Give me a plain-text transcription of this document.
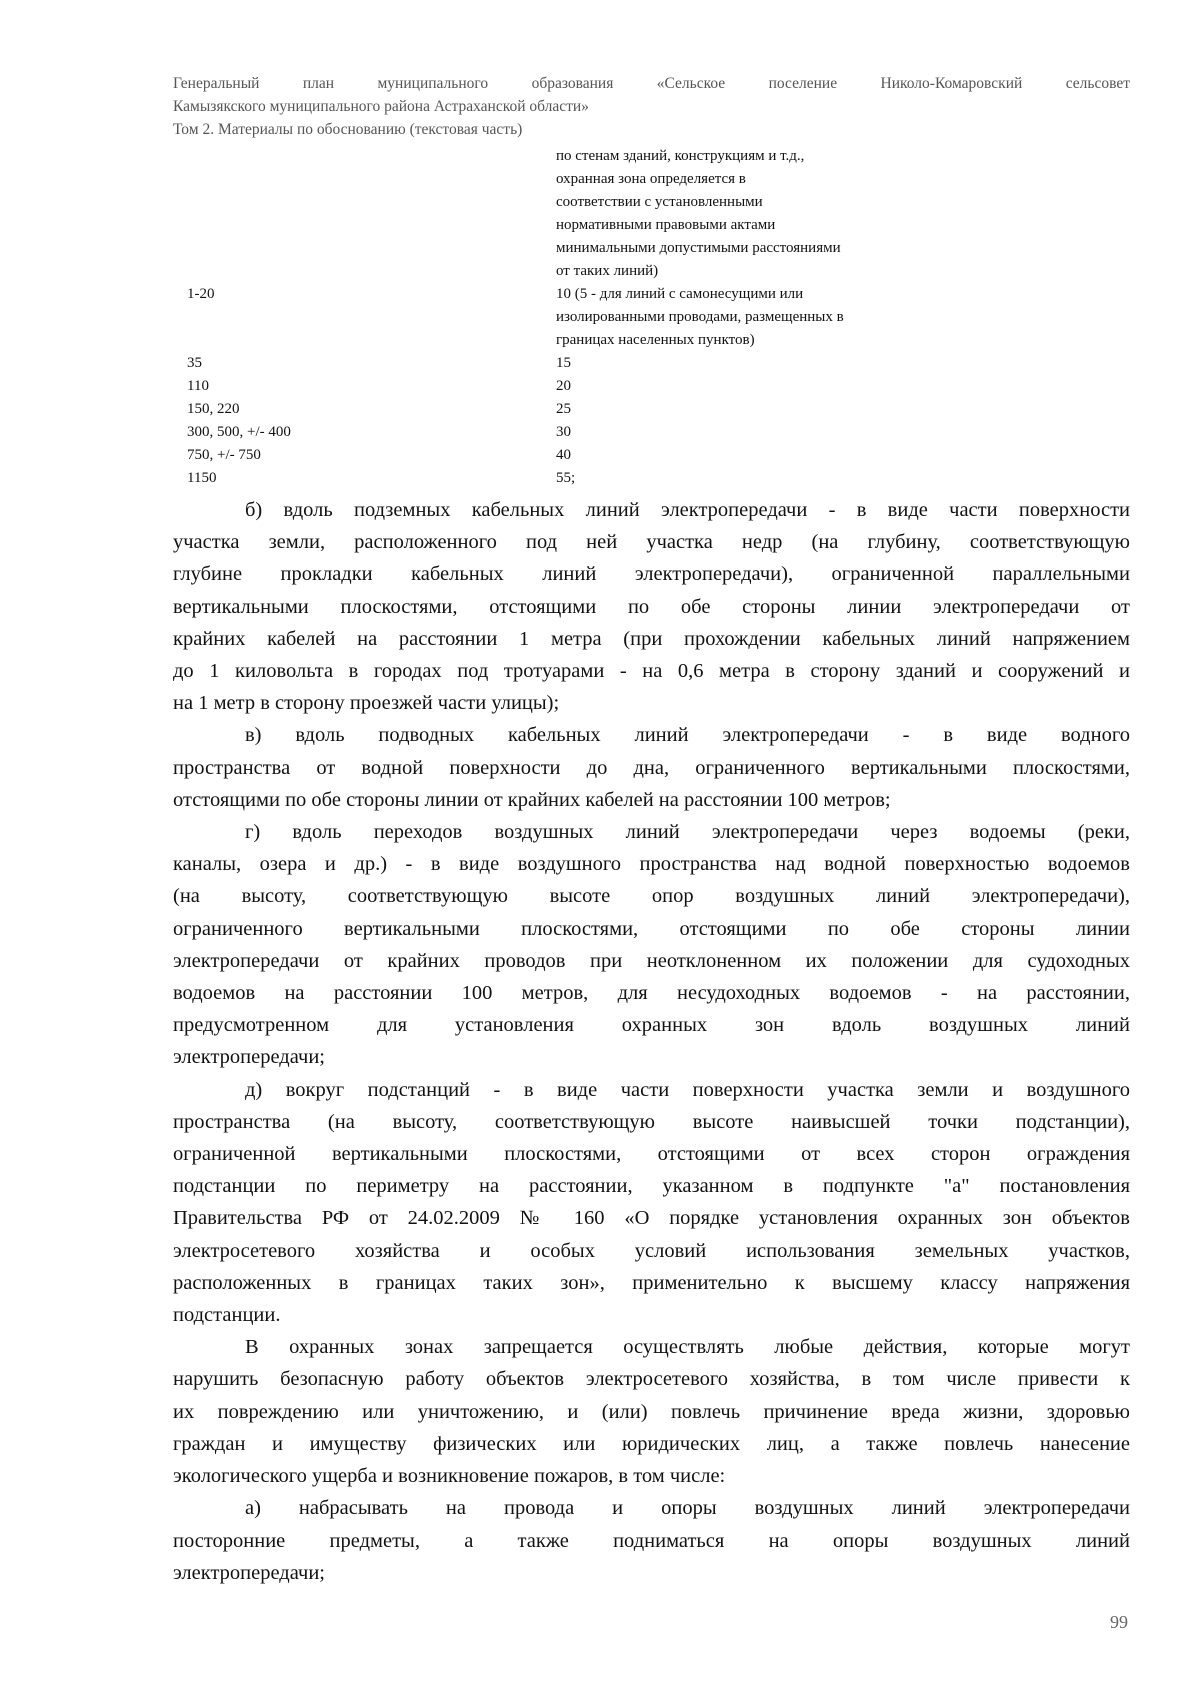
Генеральный план муниципального образования «Сельское поселение Николо-Комаровский сельсовет
Камызякского муниципального района Астраханской области»
Том 2. Материалы по обоснованию (текстовая часть)
по стенам зданий, конструкциям и т.д.,
охранная зона определяется в
соответствии с установленными
нормативными правовыми актами
минимальными допустимыми расстояниями
от таких линий)
1-20	10 (5 - для линий с самонесущими или
изолированными проводами, размещенных в
границах населенных пунктов)
35	15
110	20
150, 220	25
300, 500, +/- 400	30
750, +/- 750	40
1150	55;
б) вдоль подземных кабельных линий электропередачи - в виде части поверхности
участка земли, расположенного под ней участка недр (на глубину, соответствующую
глубине прокладки кабельных линий электропередачи), ограниченной параллельными
вертикальными плоскостями, отстоящими по обе стороны линии электропередачи от
крайних кабелей на расстоянии 1 метра (при прохождении кабельных линий напряжением
до 1 киловольта в городах под тротуарами - на 0,6 метра в сторону зданий и сооружений и
на 1 метр в сторону проезжей части улицы);
в) вдоль подводных кабельных линий электропередачи - в виде водного
пространства от водной поверхности до дна, ограниченного вертикальными плоскостями,
отстоящими по обе стороны линии от крайних кабелей на расстоянии 100 метров;
г) вдоль переходов воздушных линий электропередачи через водоемы (реки,
каналы, озера и др.) - в виде воздушного пространства над водной поверхностью водоемов
(на высоту, соответствующую высоте опор воздушных линий электропередачи),
ограниченного вертикальными плоскостями, отстоящими по обе стороны линии
электропередачи от крайних проводов при неотклоненном их положении для судоходных
водоемов на расстоянии 100 метров, для несудоходных водоемов - на расстоянии,
предусмотренном для установления охранных зон вдоль воздушных линий
электропередачи;
д) вокруг подстанций - в виде части поверхности участка земли и воздушного
пространства (на высоту, соответствующую высоте наивысшей точки подстанции),
ограниченной вертикальными плоскостями, отстоящими от всех сторон ограждения
подстанции по периметру на расстоянии, указанном в подпункте "а" постановления
Правительства РФ от 24.02.2009 № 160 «О порядке установления охранных зон объектов
электросетевого хозяйства и особых условий использования земельных участков,
расположенных в границах таких зон», применительно к высшему классу напряжения
подстанции.
В охранных зонах запрещается осуществлять любые действия, которые могут
нарушить безопасную работу объектов электросетевого хозяйства, в том числе привести к
их повреждению или уничтожению, и (или) повлечь причинение вреда жизни, здоровью
граждан и имуществу физических или юридических лиц, а также повлечь нанесение
экологического ущерба и возникновение пожаров, в том числе:
а) набрасывать на провода и опоры воздушных линий электропередачи
посторонние предметы, а также подниматься на опоры воздушных линий
электропередачи;
99
